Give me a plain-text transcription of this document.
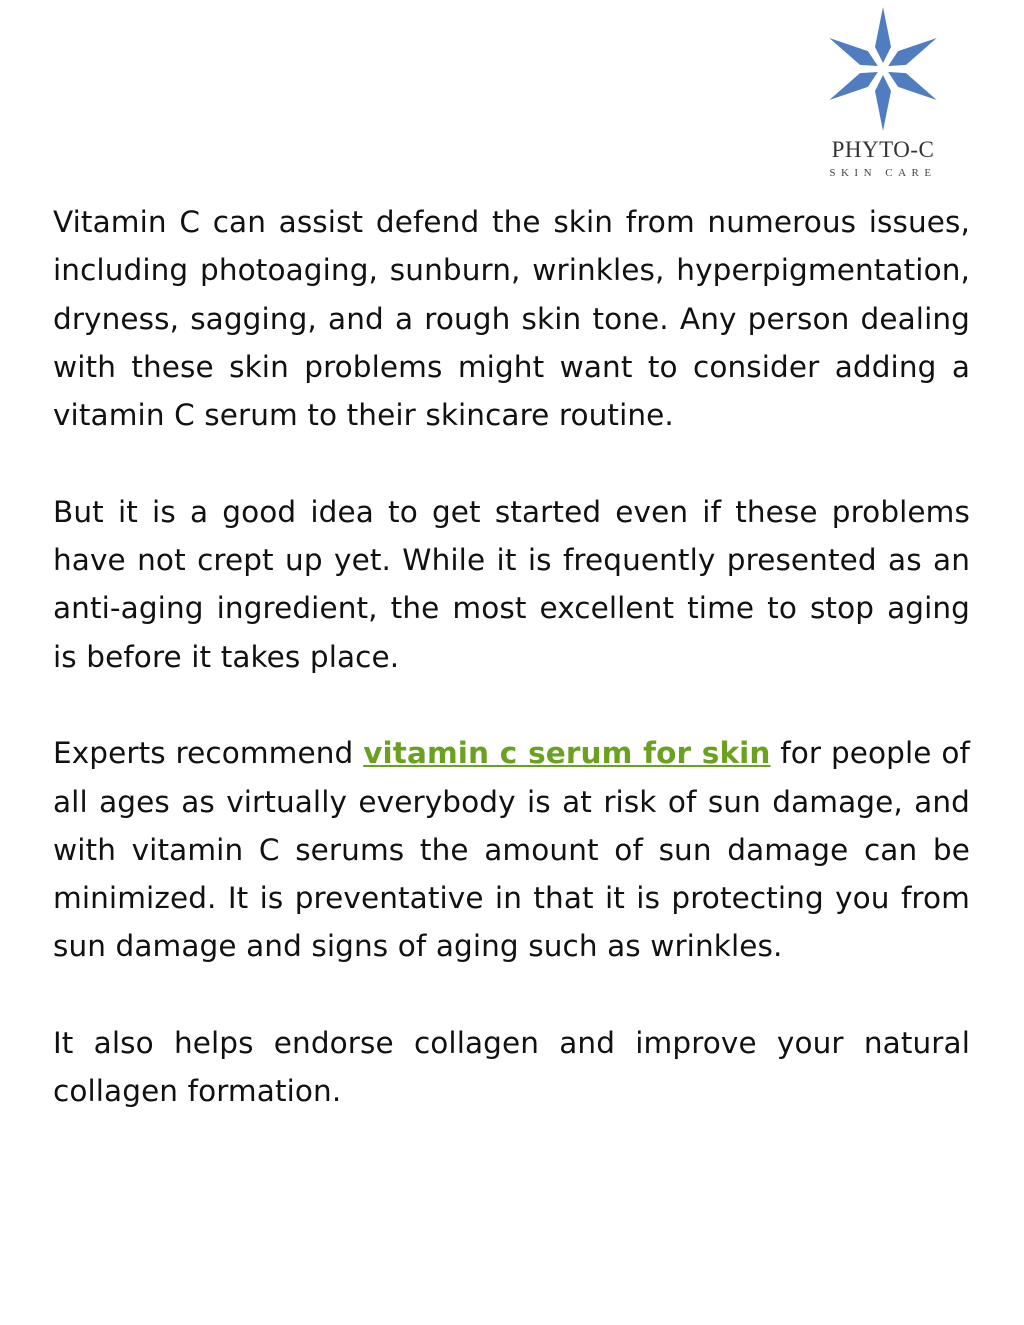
PHYTO-C
SKIN CARE

Vitamin C can assist defend the skin from numerous issues, including photoaging, sunburn, wrinkles, hyperpigmentation, dryness, sagging, and a rough skin tone. Any person dealing with these skin problems might want to consider adding a vitamin C serum to their skincare routine.

But it is a good idea to get started even if these problems have not crept up yet. While it is frequently presented as an anti-aging ingredient, the most excellent time to stop aging is before it takes place.

Experts recommend vitamin c serum for skin for people of all ages as virtually everybody is at risk of sun damage, and with vitamin C serums the amount of sun damage can be minimized. It is preventative in that it is protecting you from sun damage and signs of aging such as wrinkles.

It also helps endorse collagen and improve your natural collagen formation.
